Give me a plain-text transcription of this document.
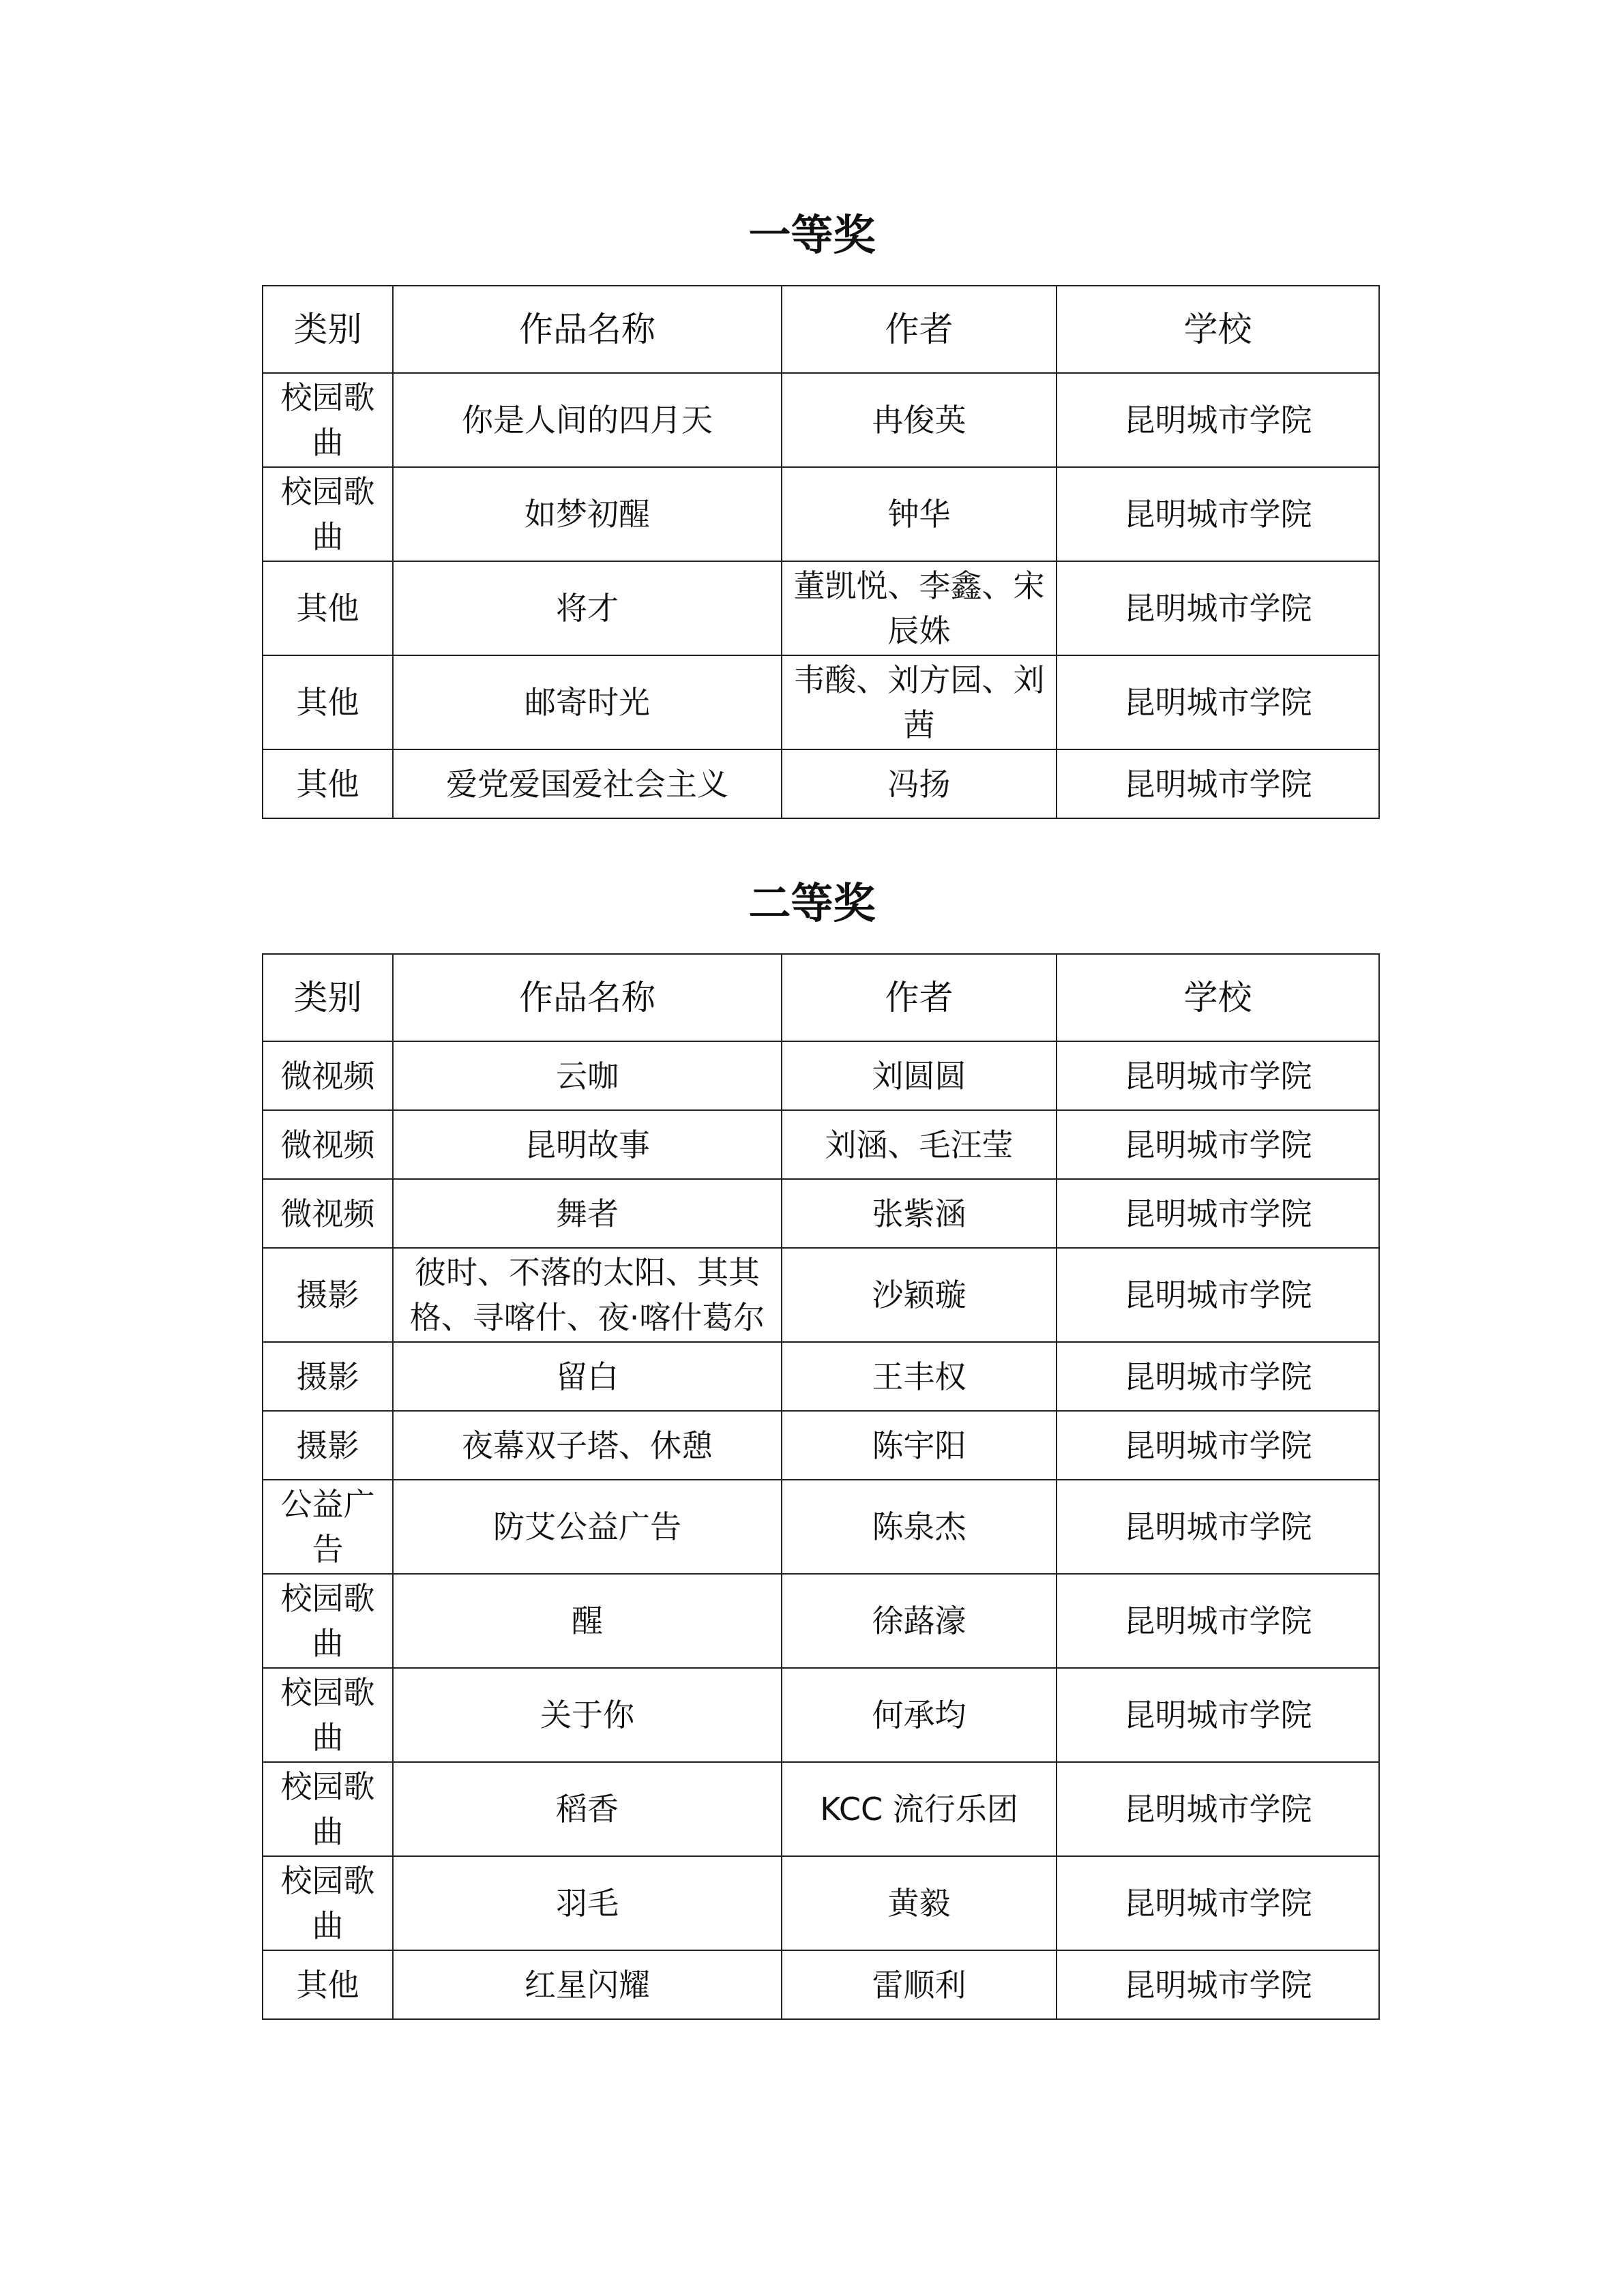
一等奖
类别	作品名称	作者	学校
校园歌曲	你是人间的四月天	冉俊英	昆明城市学院
校园歌曲	如梦初醒	钟华	昆明城市学院
其他	将才	董凯悦、李鑫、宋辰姝	昆明城市学院
其他	邮寄时光	韦酸、刘方园、刘茜	昆明城市学院
其他	爱党爱国爱社会主义	冯扬	昆明城市学院
二等奖
类别	作品名称	作者	学校
微视频	云咖	刘圆圆	昆明城市学院
微视频	昆明故事	刘涵、毛汪莹	昆明城市学院
微视频	舞者	张紫涵	昆明城市学院
摄影	彼时、不落的太阳、其其格、寻喀什、夜·喀什葛尔	沙颖璇	昆明城市学院
摄影	留白	王丰权	昆明城市学院
摄影	夜幕双子塔、休憩	陈宇阳	昆明城市学院
公益广告	防艾公益广告	陈泉杰	昆明城市学院
校园歌曲	醒	徐蕗濠	昆明城市学院
校园歌曲	关于你	何承均	昆明城市学院
校园歌曲	稻香	KCC 流行乐团	昆明城市学院
校园歌曲	羽毛	黄毅	昆明城市学院
其他	红星闪耀	雷顺利	昆明城市学院
